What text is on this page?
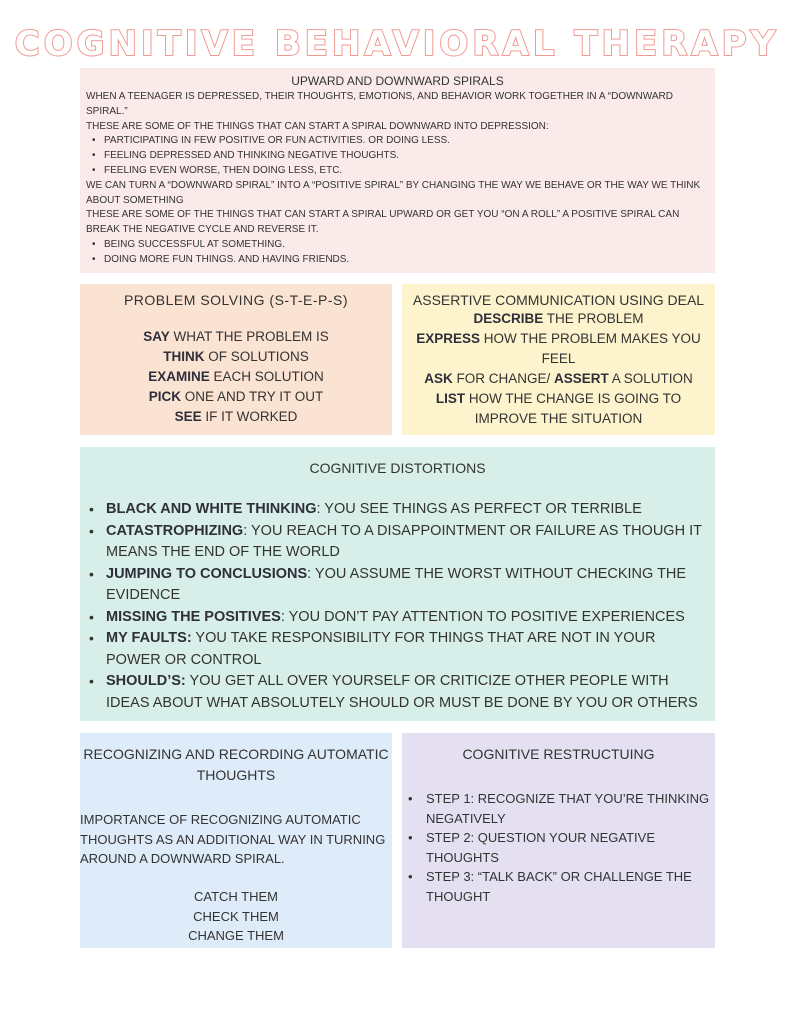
COGNITIVE BEHAVIORAL THERAPY
UPWARD AND DOWNWARD SPIRALS

WHEN A TEENAGER IS DEPRESSED, THEIR THOUGHTS, EMOTIONS, AND BEHAVIOR WORK TOGETHER IN A “DOWNWARD SPIRAL.”

THESE ARE SOME OF THE THINGS THAT CAN START A SPIRAL DOWNWARD INTO DEPRESSION:

• PARTICIPATING IN FEW POSITIVE OR FUN ACTIVITIES. OR DOING LESS.
• FEELING DEPRESSED AND THINKING NEGATIVE THOUGHTS.
• FEELING EVEN WORSE, THEN DOING LESS, ETC.

WE CAN TURN A “DOWNWARD SPIRAL” INTO A “POSITIVE SPIRAL” BY CHANGING THE WAY WE BEHAVE OR THE WAY WE THINK ABOUT SOMETHING

THESE ARE SOME OF THE THINGS THAT CAN START A SPIRAL UPWARD OR GET YOU “ON A ROLL” A POSITIVE SPIRAL CAN BREAK THE NEGATIVE CYCLE AND REVERSE IT.

• BEING SUCCESSFUL AT SOMETHING.
• DOING MORE FUN THINGS. AND HAVING FRIENDS.
PROBLEM SOLVING (S-T-E-P-S)
SAY WHAT THE PROBLEM IS
THINK OF SOLUTIONS
EXAMINE EACH SOLUTION
PICK ONE AND TRY IT OUT
SEE IF IT WORKED
ASSERTIVE COMMUNICATION USING DEAL
DESCRIBE THE PROBLEM
EXPRESS HOW THE PROBLEM MAKES YOU FEEL
ASK FOR CHANGE/ ASSERT A SOLUTION
LIST HOW THE CHANGE IS GOING TO IMPROVE THE SITUATION
COGNITIVE DISTORTIONS
• BLACK AND WHITE THINKING: YOU SEE THINGS AS PERFECT OR TERRIBLE
• CATASTROPHIZING: YOU REACH TO A DISAPPOINTMENT OR FAILURE AS THOUGH IT MEANS THE END OF THE WORLD
• JUMPING TO CONCLUSIONS: YOU ASSUME THE WORST WITHOUT CHECKING THE EVIDENCE
• MISSING THE POSITIVES: YOU DON’T PAY ATTENTION TO POSITIVE EXPERIENCES
• MY FAULTS: YOU TAKE RESPONSIBILITY FOR THINGS THAT ARE NOT IN YOUR POWER OR CONTROL
• SHOULD’S: YOU GET ALL OVER YOURSELF OR CRITICIZE OTHER PEOPLE WITH IDEAS ABOUT WHAT ABSOLUTELY SHOULD OR MUST BE DONE BY YOU OR OTHERS
RECOGNIZING AND RECORDING AUTOMATIC THOUGHTS
IMPORTANCE OF RECOGNIZING AUTOMATIC THOUGHTS AS AN ADDITIONAL WAY IN TURNING AROUND A DOWNWARD SPIRAL.
CATCH THEM
CHECK THEM
CHANGE THEM
COGNITIVE RESTRUCTUING
• STEP 1: RECOGNIZE THAT YOU’RE THINKING NEGATIVELY
• STEP 2: QUESTION YOUR NEGATIVE THOUGHTS
• STEP 3: “TALK BACK” OR CHALLENGE THE THOUGHT
